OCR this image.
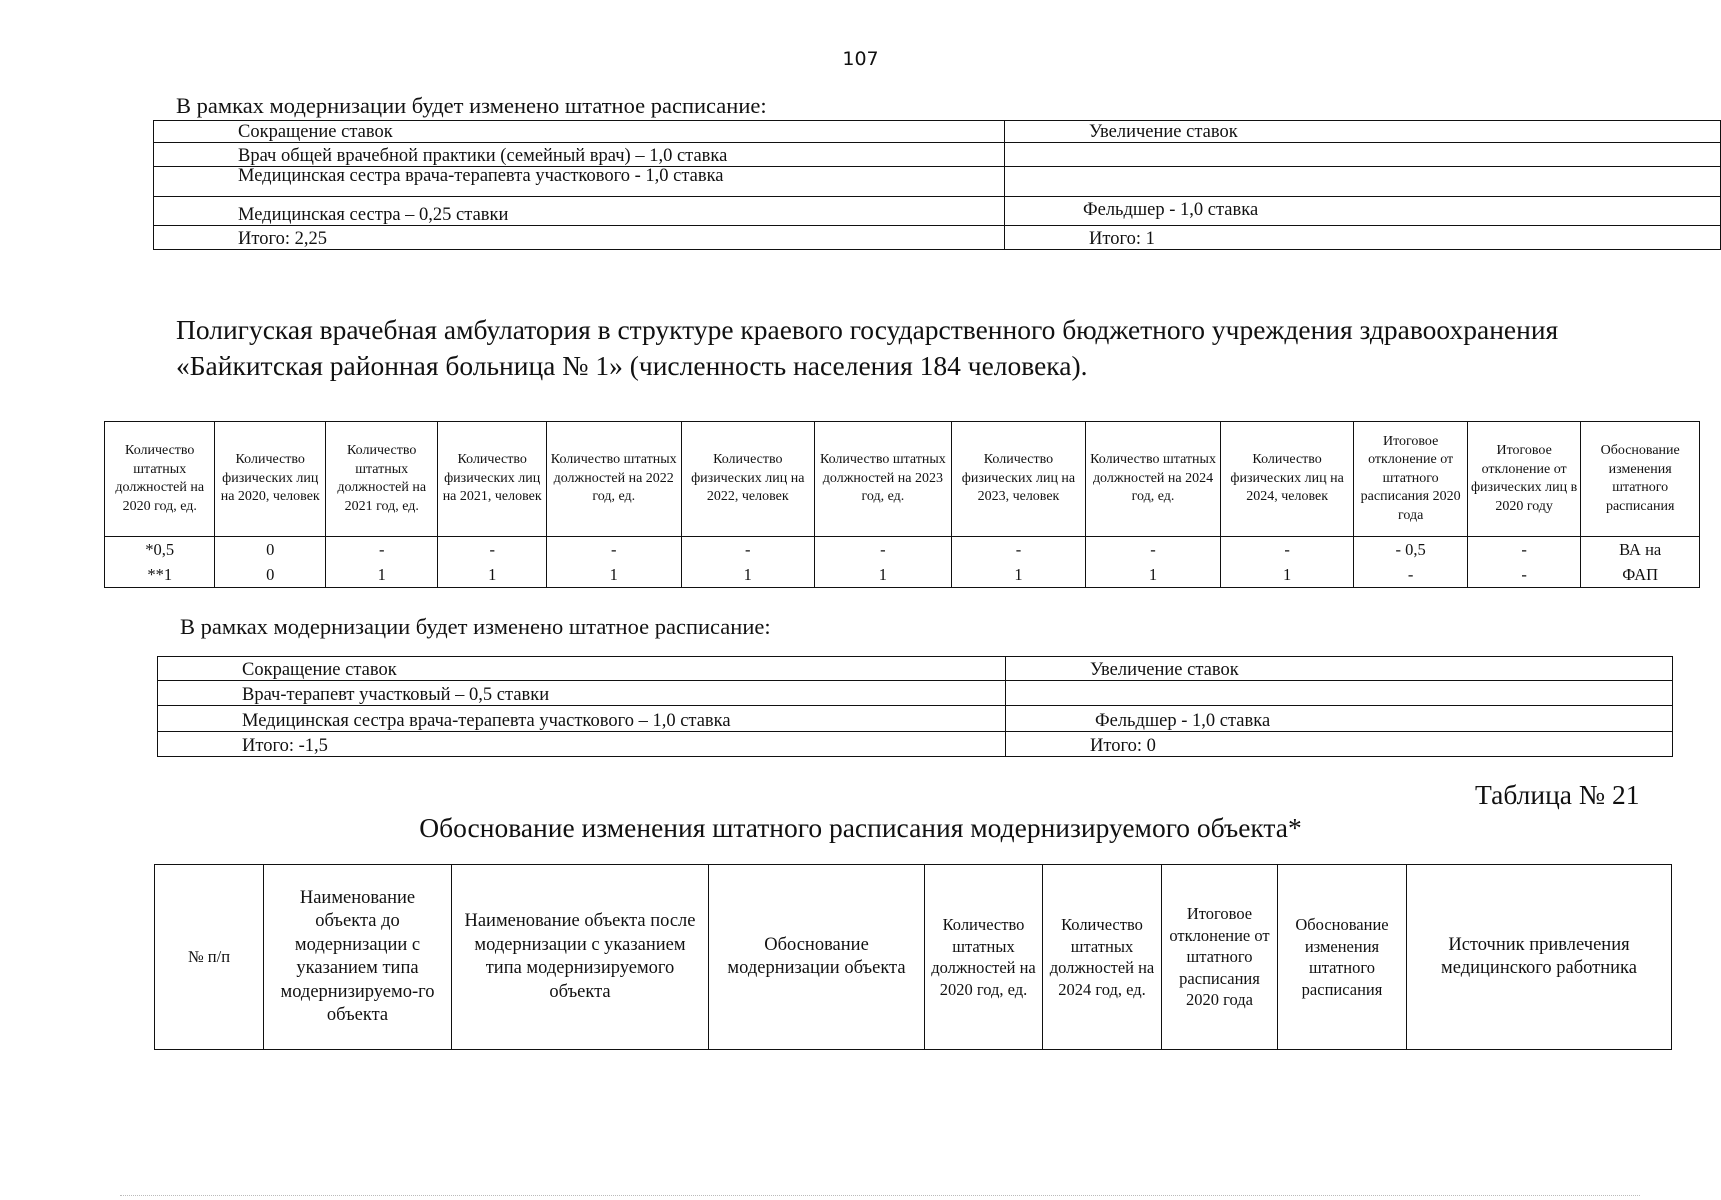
107
В рамках модернизации будет изменено штатное расписание:
Сокращение ставок	Увеличение ставок
Врач общей врачебной практики (семейный врач) – 1,0 ставка	
Медицинская сестра врача-терапевта участкового - 1,0 ставка	
Медицинская сестра – 0,25 ставки	Фельдшер - 1,0 ставка
Итого: 2,25	Итого: 1
Полигуская врачебная амбулатория в структуре краевого государственного бюджетного учреждения здравоохранения «Байкитская районная больница № 1» (численность населения 184 человека).
Количество штатных должностей на 2020 год, ед.	Количество физических лиц на 2020, человек	Количество штатных должностей на 2021 год, ед.	Количество физических лиц на 2021, человек	Количество штатных должностей на 2022 год, ед.	Количество физических лиц на 2022, человек	Количество штатных должностей на 2023 год, ед.	Количество физических лиц на 2023, человек	Количество штатных должностей на 2024 год, ед.	Количество физических лиц на 2024, человек	Итоговое отклонение от штатного расписания 2020 года	Итоговое отклонение от физических лиц в 2020 году	Обоснование изменения штатного расписания
*0,5	0	-	-	-	-	-	-	-	-	- 0,5	-	ВА на
**1	0	1	1	1	1	1	1	1	1	-	-	ФАП
В рамках модернизации будет изменено штатное расписание:
Сокращение ставок	Увеличение ставок
Врач-терапевт участковый – 0,5 ставки	
Медицинская сестра врача-терапевта участкового – 1,0 ставка	Фельдшер - 1,0 ставка
Итого: -1,5	Итого: 0
Таблица № 21
Обоснование изменения штатного расписания модернизируемого объекта*
№ п/п	Наименование объекта до модернизации с указанием типа модернизируемо-го объекта	Наименование объекта после модернизации с указанием типа модернизируемого объекта	Обоснование модернизации объекта	Количество штатных должностей на 2020 год, ед.	Количество штатных должностей на 2024 год, ед.	Итоговое отклонение от штатного расписания 2020 года	Обоснование изменения штатного расписания	Источник привлечения медицинского работника
